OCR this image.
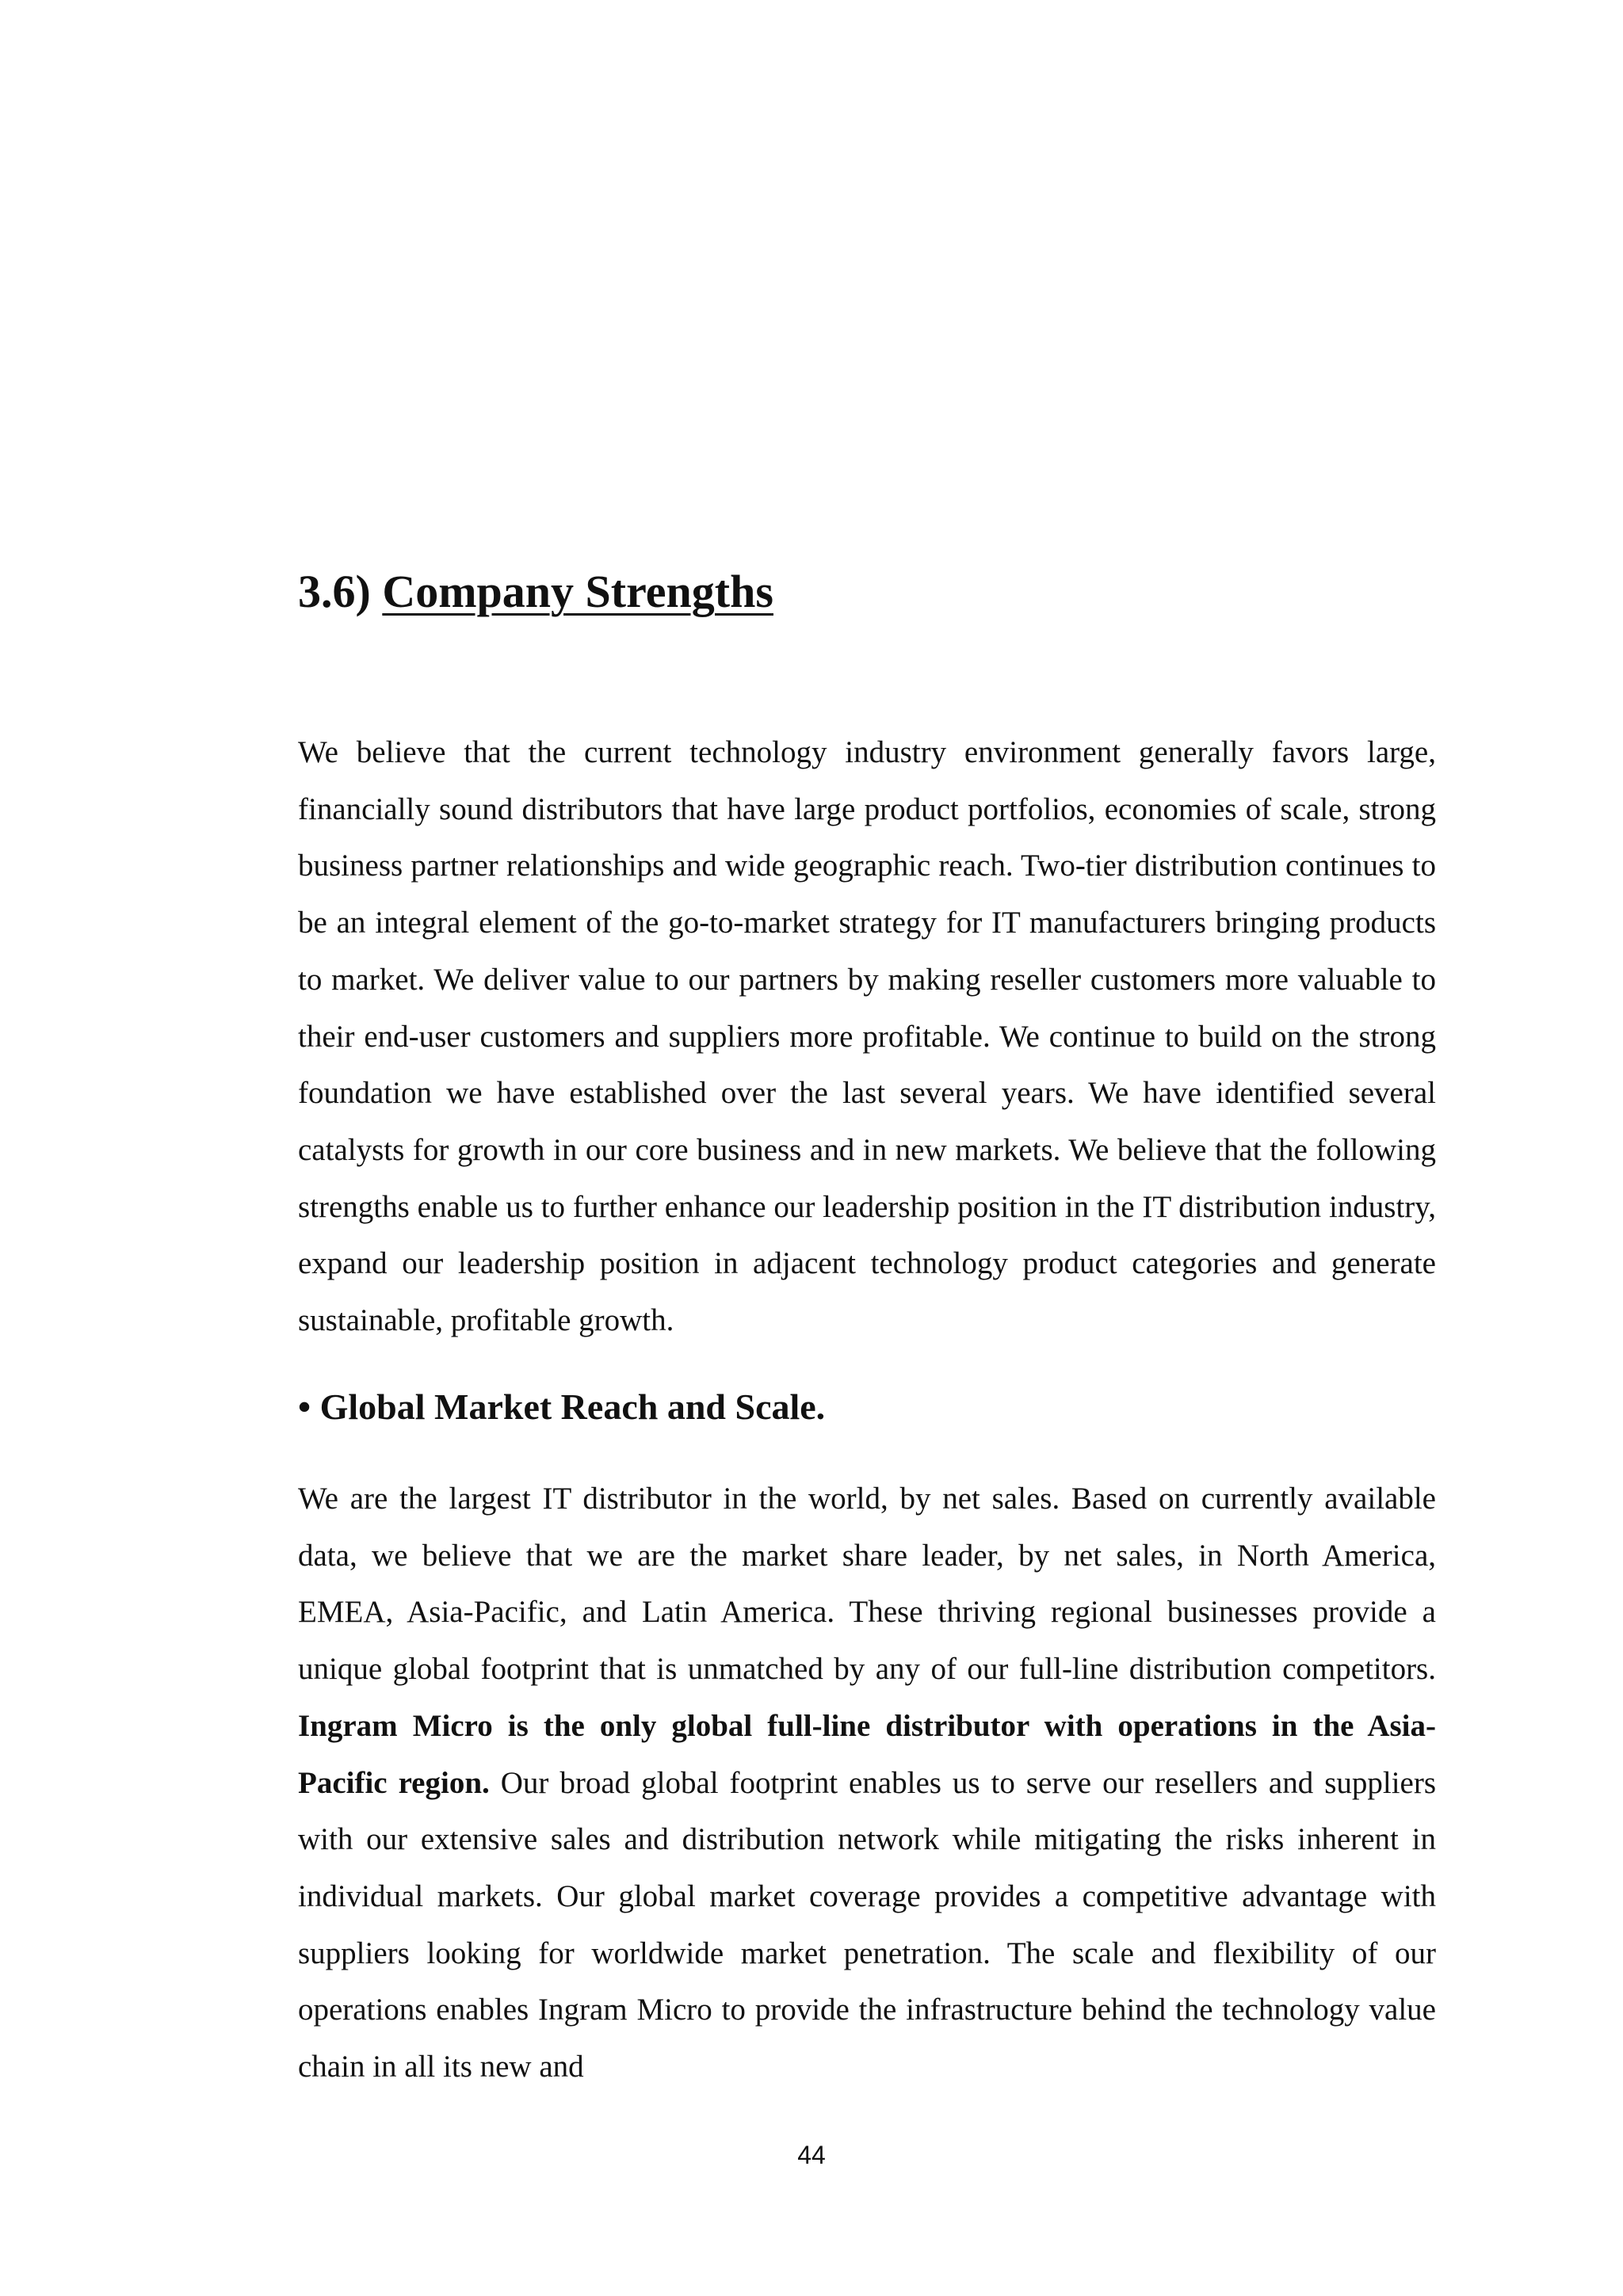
3.6) Company Strengths

We believe that the current technology industry environment generally favors large, financially sound distributors that have large product portfolios, economies of scale, strong business partner relationships and wide geographic reach. Two-tier distribution continues to be an integral element of the go-to-market strategy for IT manufacturers bringing products to market. We deliver value to our partners by making reseller customers more valuable to their end-user customers and suppliers more profitable. We continue to build on the strong foundation we have established over the last several years. We have identified several catalysts for growth in our core business and in new markets. We believe that the following strengths enable us to further enhance our leadership position in the IT distribution industry, expand our leadership position in adjacent technology product categories and generate sustainable, profitable growth.

• Global Market Reach and Scale.

We are the largest IT distributor in the world, by net sales. Based on currently available data, we believe that we are the market share leader, by net sales, in North America, EMEA, Asia-Pacific, and Latin America. These thriving regional businesses provide a unique global footprint that is unmatched by any of our full-line distribution competitors. Ingram Micro is the only global full-line distributor with operations in the Asia-Pacific region. Our broad global footprint enables us to serve our resellers and suppliers with our extensive sales and distribution network while mitigating the risks inherent in individual markets. Our global market coverage provides a competitive advantage with suppliers looking for worldwide market penetration. The scale and flexibility of our operations enables Ingram Micro to provide the infrastructure behind the technology value chain in all its new and

44
